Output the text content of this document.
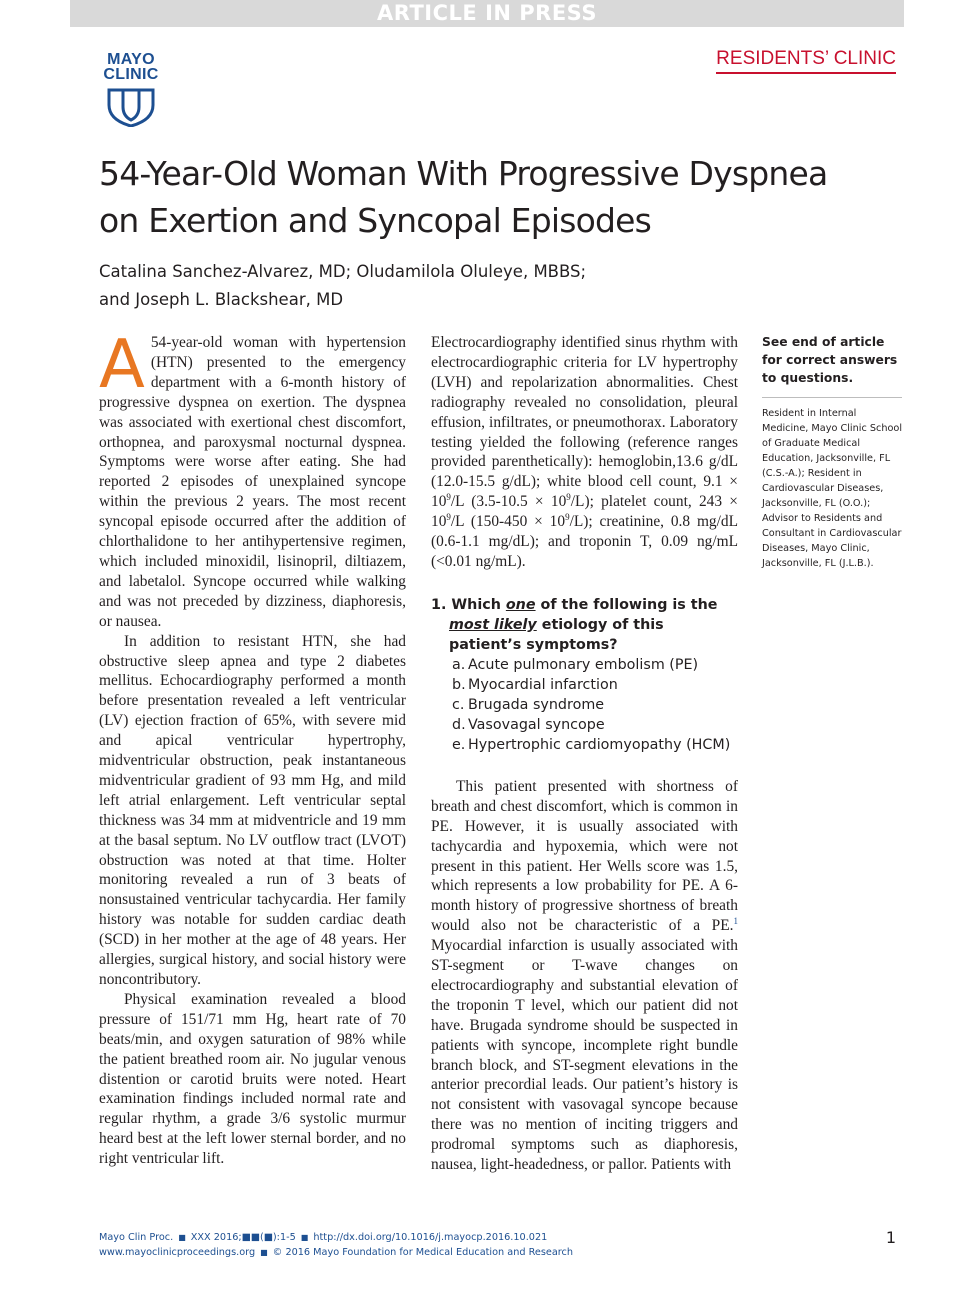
ARTICLE IN PRESS
MAYO
CLINIC
RESIDENTS’ CLINIC
54-Year-Old Woman With Progressive Dyspnea on Exertion and Syncopal Episodes
Catalina Sanchez-Alvarez, MD; Oludamilola Oluleye, MBBS;
and Joseph L. Blackshear, MD

A 54-year-old woman with hypertension (HTN) presented to the emergency department with a 6-month history of progressive dyspnea on exertion. The dyspnea was associated with exertional chest discomfort, orthopnea, and paroxysmal nocturnal dyspnea. Symptoms were worse after eating. She had reported 2 episodes of unexplained syncope within the previous 2 years. The most recent syncopal episode occurred after the addition of chlorthalidone to her antihypertensive regimen, which included minoxidil, lisinopril, diltiazem, and labetalol. Syncope occurred while walking and was not preceded by dizziness, diaphoresis, or nausea.

In addition to resistant HTN, she had obstructive sleep apnea and type 2 diabetes mellitus. Echocardiography performed a month before presentation revealed a left ventricular (LV) ejection fraction of 65%, with severe mid and apical ventricular hypertrophy, midventricular obstruction, peak instantaneous midventricular gradient of 93 mm Hg, and mild left atrial enlargement. Left ventricular septal thickness was 34 mm at midventricle and 19 mm at the basal septum. No LV outflow tract (LVOT) obstruction was noted at that time. Holter monitoring revealed a run of 3 beats of nonsustained ventricular tachycardia. Her family history was notable for sudden cardiac death (SCD) in her mother at the age of 48 years. Her allergies, surgical history, and social history were noncontributory.

Physical examination revealed a blood pressure of 151/71 mm Hg, heart rate of 70 beats/min, and oxygen saturation of 98% while the patient breathed room air. No jugular venous distention or carotid bruits were noted. Heart examination findings included normal rate and regular rhythm, a grade 3/6 systolic murmur heard best at the left lower sternal border, and no right ventricular lift.

Electrocardiography identified sinus rhythm with electrocardiographic criteria for LV hypertrophy (LVH) and repolarization abnormalities. Chest radiography revealed no consolidation, pleural effusion, infiltrates, or pneumothorax. Laboratory testing yielded the following (reference ranges provided parenthetically): hemoglobin,13.6 g/dL (12.0-15.5 g/dL); white blood cell count, $9.1 \times 10^9/L$ $(3.5-10.5 \times 10^9/L)$; platelet count, $243 \times 10^9/L$ $(150-450 \times 10^9/L)$; creatinine, 0.8 mg/dL (0.6-1.1 mg/dL); and troponin T, 0.09 ng/mL (<0.01 ng/mL).

1. Which one of the following is the most likely etiology of this patient’s symptoms?

a. Acute pulmonary embolism (PE)
b. Myocardial infarction
c. Brugada syndrome
d. Vasovagal syncope
e. Hypertrophic cardiomyopathy (HCM)

This patient presented with shortness of breath and chest discomfort, which is common in PE. However, it is usually associated with tachycardia and hypoxemia, which were not present in this patient. Her Wells score was 1.5, which represents a low probability for PE. A 6-month history of progressive shortness of breath would also not be characteristic of a PE.$^1$ Myocardial infarction is usually associated with ST-segment or T-wave changes on electrocardiography and substantial elevation of the troponin T level, which our patient did not have. Brugada syndrome should be suspected in patients with syncope, incomplete right bundle branch block, and ST-segment elevations in the anterior precordial leads. Our patient’s history is not consistent with vasovagal syncope because there was no mention of inciting triggers and prodromal symptoms such as diaphoresis, nausea, light-headedness, or pallor. Patients with

See end of article for correct answers to questions.
Resident in Internal Medicine, Mayo Clinic School of Graduate Medical Education, Jacksonville, FL (C.S.-A.); Resident in Cardiovascular Diseases, Jacksonville, FL (O.O.); Advisor to Residents and Consultant in Cardiovascular Diseases, Mayo Clinic, Jacksonville, FL (J.L.B.).
Mayo Clin Proc. ■ XXX 2016;■■(■):1-5 ■ http://dx.doi.org/10.1016/j.mayocp.2016.10.021
www.mayoclinicproceedings.org ■ © 2016 Mayo Foundation for Medical Education and Research
1
